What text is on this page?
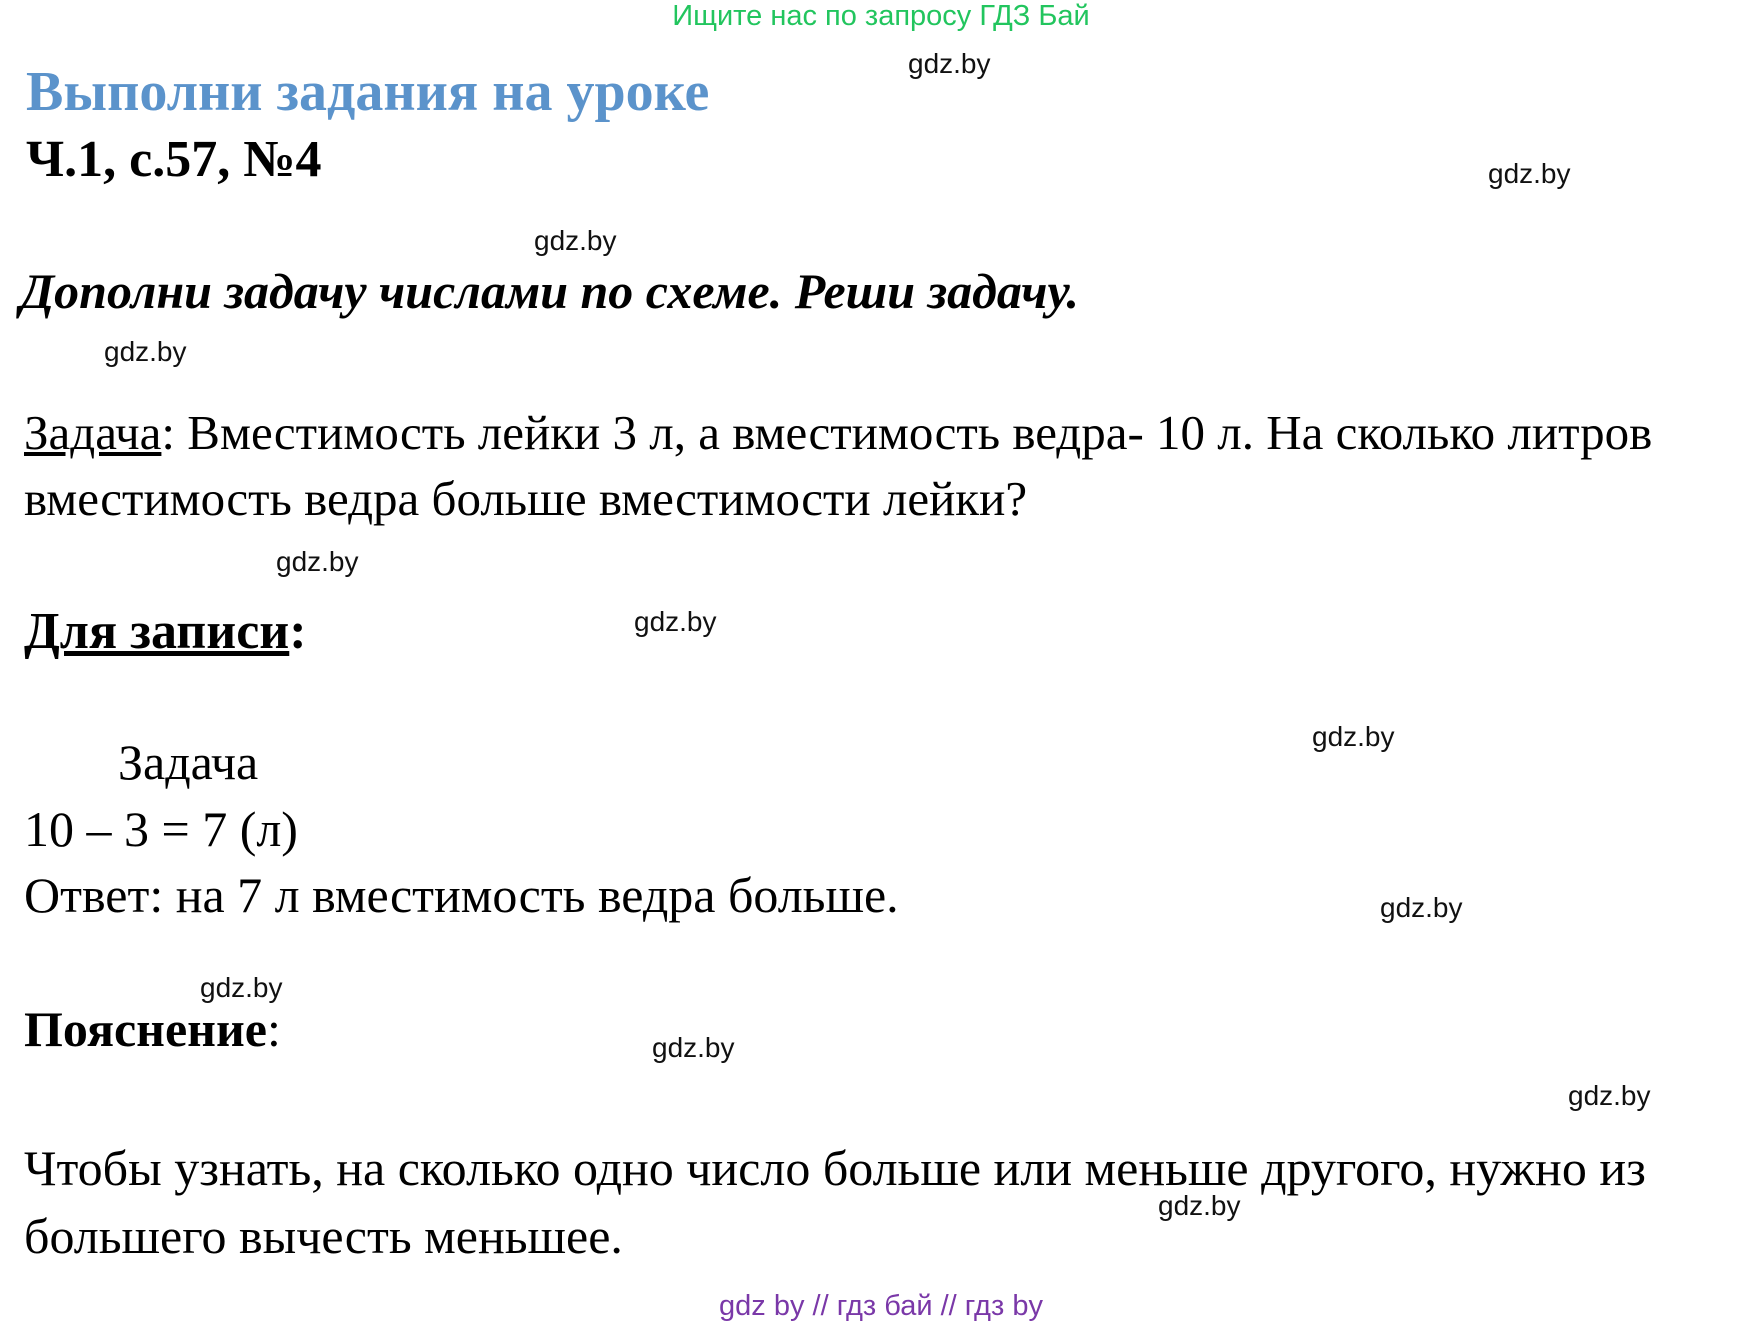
Ищите нас по запросу ГДЗ Бай
Выполни задания на уроке
Ч.1, с.57, №4
Дополни задачу числами по схеме. Реши задачу.
Задача: Вместимость лейки 3 л, а вместимость ведра- 10 л. На сколько литров вместимость ведра больше вместимости лейки?
Для записи:
Задача
10 – 3 = 7 (л)
Ответ: на 7 л вместимость ведра больше.
Пояснение:
Чтобы узнать, на сколько одно число больше или меньше другого, нужно из большего вычесть меньшее.
gdz.by
gdz.by
gdz.by
gdz.by
gdz.by
gdz.by
gdz.by
gdz.by
gdz.by
gdz.by
gdz.by
gdz.by
gdz by // гдз бай // гдз by
